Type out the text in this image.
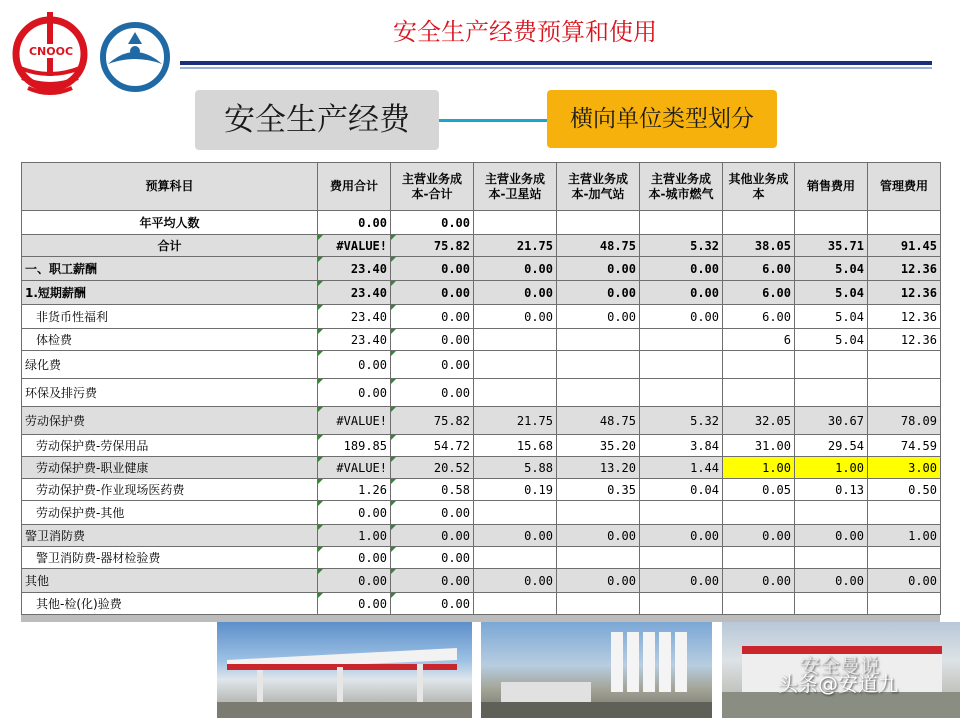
CNOOC
安全生产经费预算和使用
安全生产经费	横向单位类型划分
预算科目	费用合计	主营业务成本-合计	主营业务成本-卫星站	主营业务成本-加气站	主营业务成本-城市燃气	其他业务成本	销售费用	管理费用
年平均人数	0.00	0.00						
合计	#VALUE!	75.82	21.75	48.75	5.32	38.05	35.71	91.45
一、职工薪酬	23.40	0.00	0.00	0.00	0.00	6.00	5.04	12.36
1.短期薪酬	23.40	0.00	0.00	0.00	0.00	6.00	5.04	12.36
非货币性福利	23.40	0.00	0.00	0.00	0.00	6.00	5.04	12.36
体检费	23.40	0.00				6	5.04	12.36
绿化费	0.00	0.00						
环保及排污费	0.00	0.00						
劳动保护费	#VALUE!	75.82	21.75	48.75	5.32	32.05	30.67	78.09
劳动保护费-劳保用品	189.85	54.72	15.68	35.20	3.84	31.00	29.54	74.59
劳动保护费-职业健康	#VALUE!	20.52	5.88	13.20	1.44	1.00	1.00	3.00
劳动保护费-作业现场医药费	1.26	0.58	0.19	0.35	0.04	0.05	0.13	0.50
劳动保护费-其他	0.00	0.00						
警卫消防费	1.00	0.00	0.00	0.00	0.00	0.00	0.00	1.00
警卫消防费-器材检验费	0.00	0.00						
其他	0.00	0.00	0.00	0.00	0.00	0.00	0.00	0.00
其他-检(化)验费	0.00	0.00						
安全曼说
头条@安道九
